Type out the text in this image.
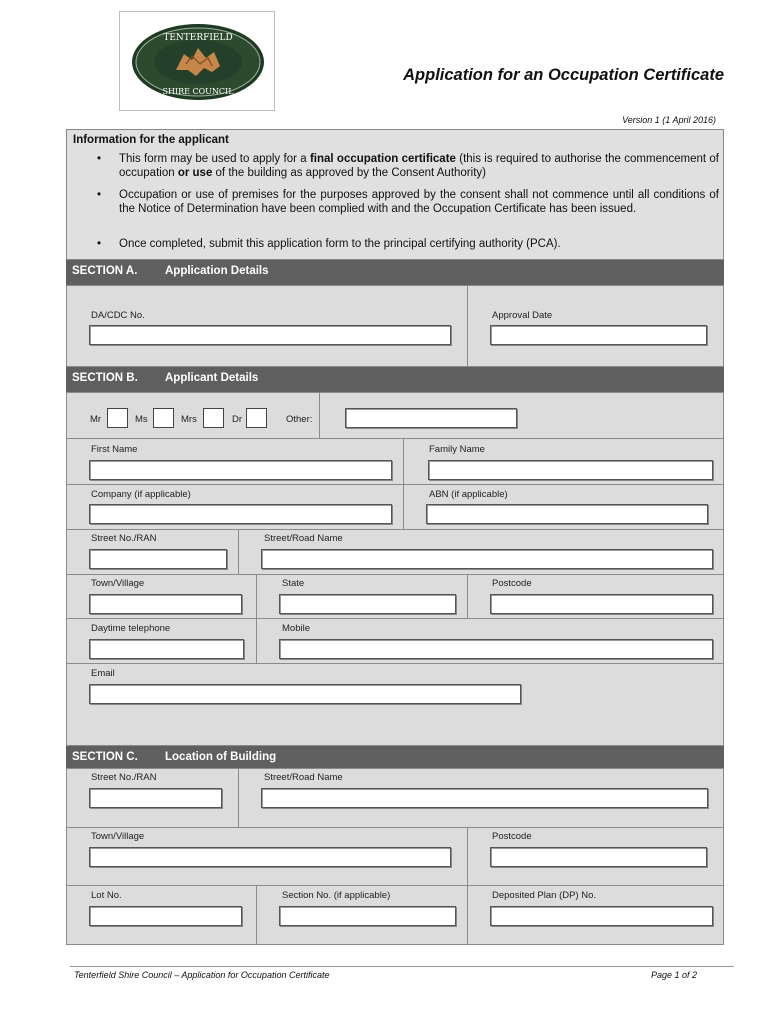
TENTERFIELD
SHIRE COUNCIL
Application for an Occupation Certificate
Version 1 (1 April 2016)
Information for the applicant
• This form may be used to apply for a final occupation certificate (this is required to authorise the commencement of occupation or use of the building as approved by the Consent Authority)
• Occupation or use of premises for the purposes approved by the consent shall not commence until all conditions of the Notice of Determination have been complied with and the Occupation Certificate has been issued.
• Once completed, submit this application form to the principal certifying authority (PCA).
SECTION A. Application Details
DA/CDC No.	Approval Date
SECTION B. Applicant Details
Mr	Ms	Mrs	Dr	Other:
First Name	Family Name
Company (if applicable)	ABN (if applicable)
Street No./RAN	Street/Road Name
Town/Village	State	Postcode
Daytime telephone	Mobile
Email
SECTION C. Location of Building
Street No./RAN	Street/Road Name
Town/Village	Postcode
Lot No.	Section No. (if applicable)	Deposited Plan (DP) No.
Tenterfield Shire Council – Application for Occupation Certificate	Page 1 of 2
